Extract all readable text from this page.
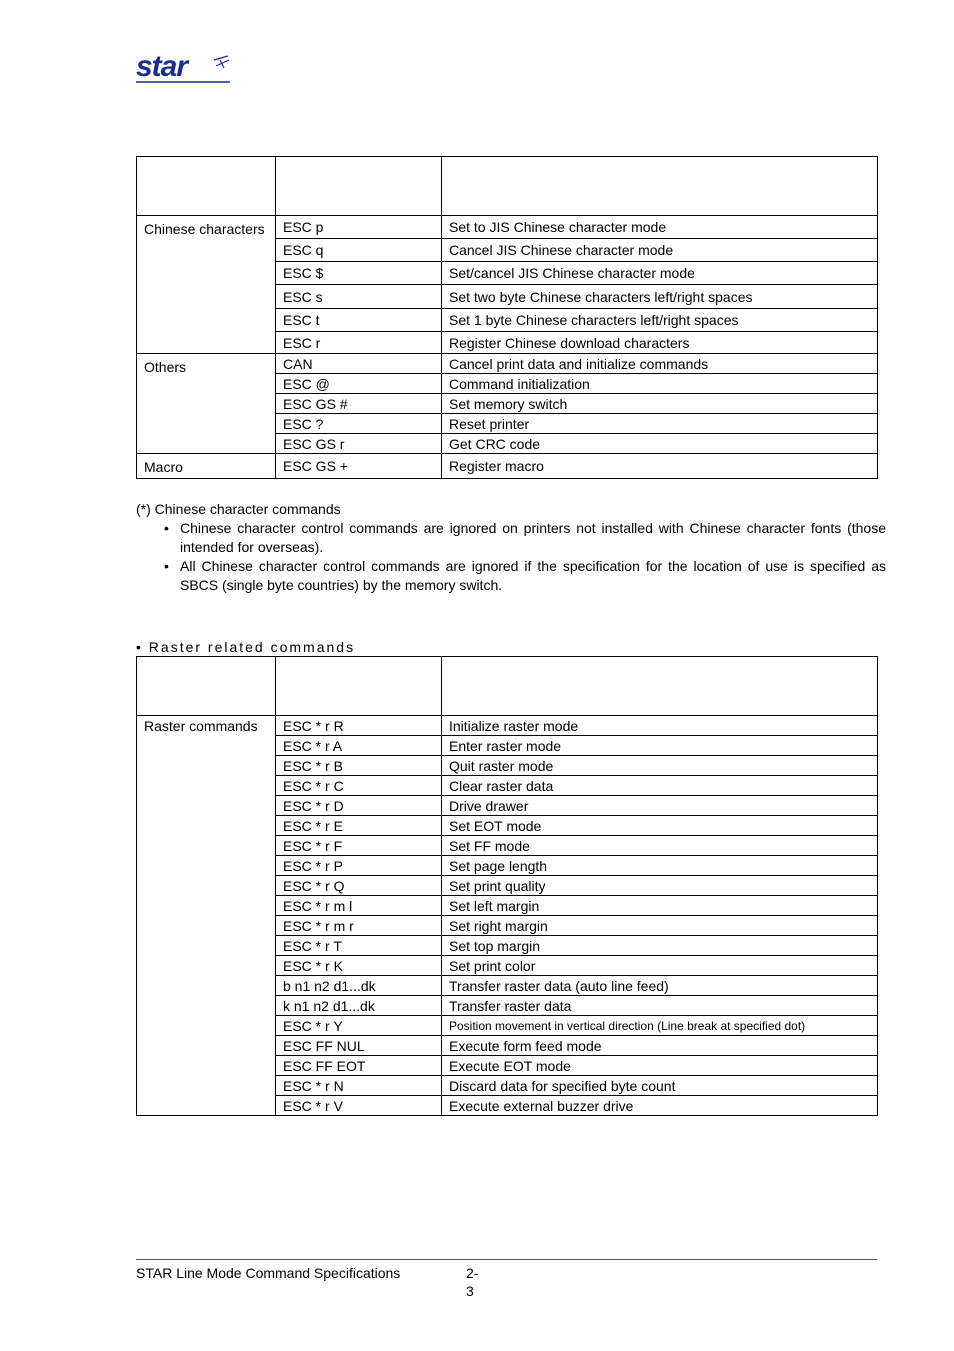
star

Chinese characters	ESC p	Set to JIS Chinese character mode
	ESC q	Cancel JIS Chinese character mode
	ESC $	Set/cancel JIS Chinese character mode
	ESC s	Set two byte Chinese characters left/right spaces
	ESC t	Set 1 byte Chinese characters left/right spaces
	ESC r	Register Chinese download characters
Others	CAN	Cancel print data and initialize commands
	ESC @	Command initialization
	ESC GS #	Set memory switch
	ESC ?	Reset printer
	ESC GS r	Get CRC code
Macro	ESC GS +	Register macro

(*) Chinese character commands

• Chinese character control commands are ignored on printers not installed with Chinese character fonts (those intended for overseas).
• All Chinese character control commands are ignored if the specification for the location of use is specified as SBCS (single byte countries) by the memory switch.
• Raster related commands

Raster commands	ESC * r R	Initialize raster mode
	ESC * r A	Enter raster mode
	ESC * r B	Quit raster mode
	ESC * r C	Clear raster data
	ESC * r D	Drive drawer
	ESC * r E	Set EOT mode
	ESC * r F	Set FF mode
	ESC * r P	Set page length
	ESC * r Q	Set print quality
	ESC * r m l	Set left margin
	ESC * r m r	Set right margin
	ESC * r T	Set top margin
	ESC * r K	Set print color
	b n1 n2 d1...dk	Transfer raster data (auto line feed)
	k n1 n2 d1...dk	Transfer raster data
	ESC * r Y	Position movement in vertical direction (Line break at specified dot)
	ESC FF NUL	Execute form feed mode
	ESC FF EOT	Execute EOT mode
	ESC * r N	Discard data for specified byte count
	ESC * r V	Execute external buzzer drive
STAR Line Mode Command Specifications	2-3
